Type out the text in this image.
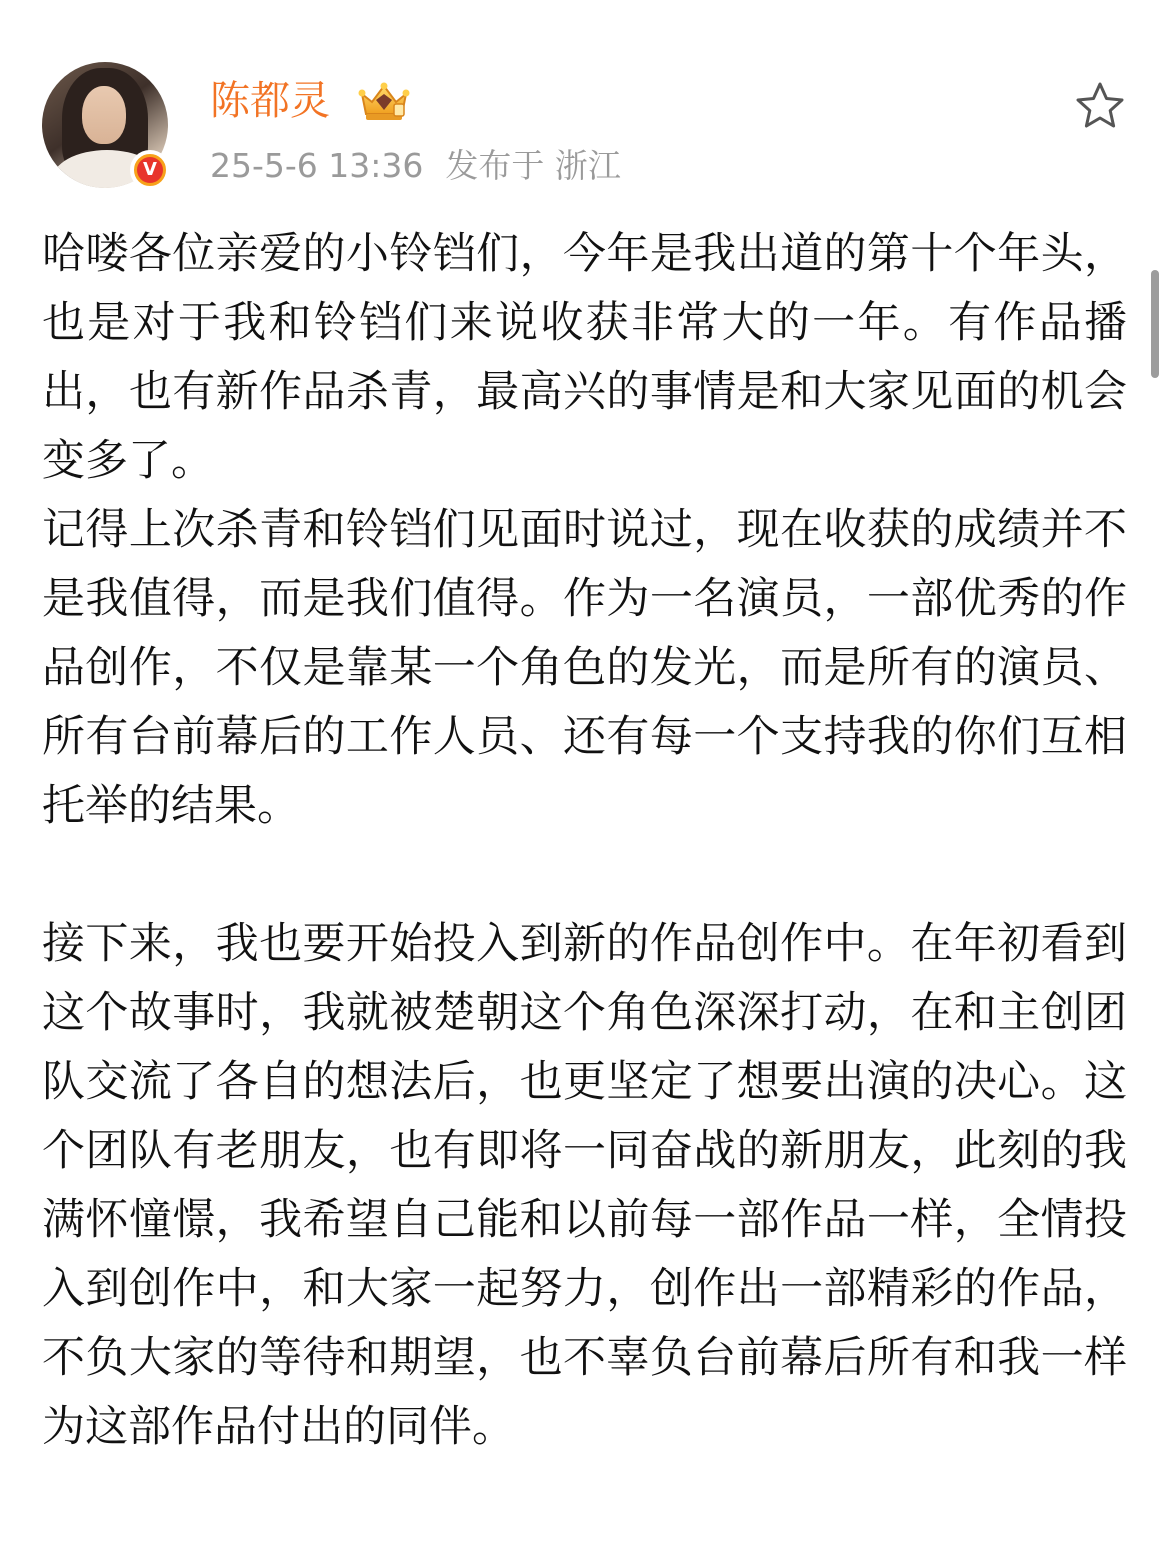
V
陈都灵
25-5-6 13:36 发布于 浙江

哈喽各位亲爱的小铃铛们，今年是我出道的第十个年头，也是对于我和铃铛们来说收获非常大的一年。有作品播出，也有新作品杀青，最高兴的事情是和大家见面的机会变多了。

记得上次杀青和铃铛们见面时说过，现在收获的成绩并不是我值得，而是我们值得。作为一名演员，一部优秀的作品创作，不仅是靠某一个角色的发光，而是所有的演员、所有台前幕后的工作人员、还有每一个支持我的你们互相托举的结果。

接下来，我也要开始投入到新的作品创作中。在年初看到这个故事时，我就被楚朝这个角色深深打动，在和主创团队交流了各自的想法后，也更坚定了想要出演的决心。这个团队有老朋友，也有即将一同奋战的新朋友，此刻的我满怀憧憬，我希望自己能和以前每一部作品一样，全情投入到创作中，和大家一起努力，创作出一部精彩的作品，不负大家的等待和期望，也不辜负台前幕后所有和我一样为这部作品付出的同伴。
